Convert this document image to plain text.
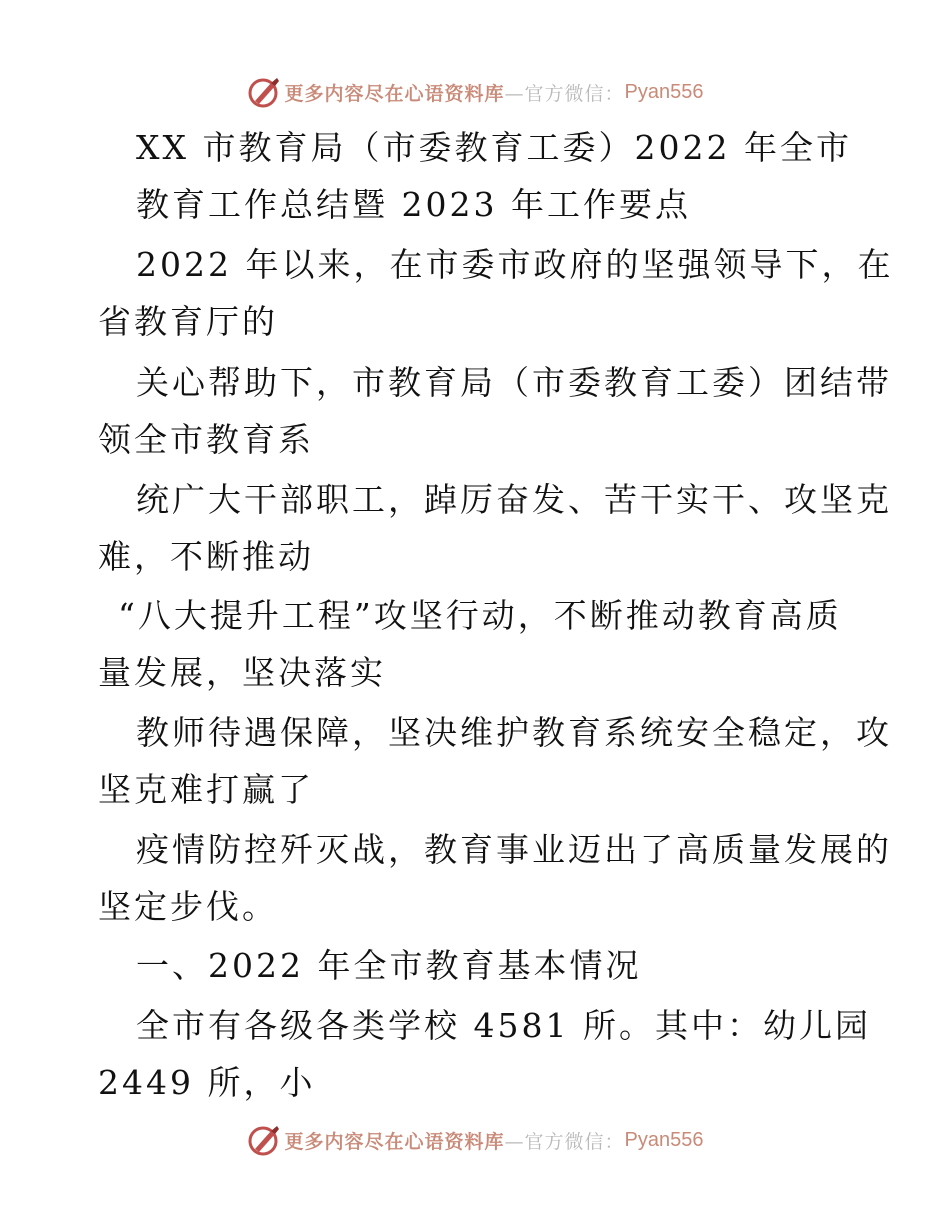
更多内容尽在心语资料库 —官方微信： Pyan556
XX 市教育局（市委教育工委）2022 年全市
教育工作总结暨 2023 年工作要点
2022 年以来，在市委市政府的坚强领导下，在
省教育厅的
关心帮助下，市教育局（市委教育工委）团结带
领全市教育系
统广大干部职工，踔厉奋发、苦干实干、攻坚克
难，不断推动
“八大提升工程”攻坚行动，不断推动教育高质
量发展，坚决落实
教师待遇保障，坚决维护教育系统安全稳定，攻
坚克难打赢了
疫情防控歼灭战，教育事业迈出了高质量发展的
坚定步伐。
一、2022 年全市教育基本情况
全市有各级各类学校 4581 所。其中：幼儿园
2449 所，小
更多内容尽在心语资料库 —官方微信： Pyan556
